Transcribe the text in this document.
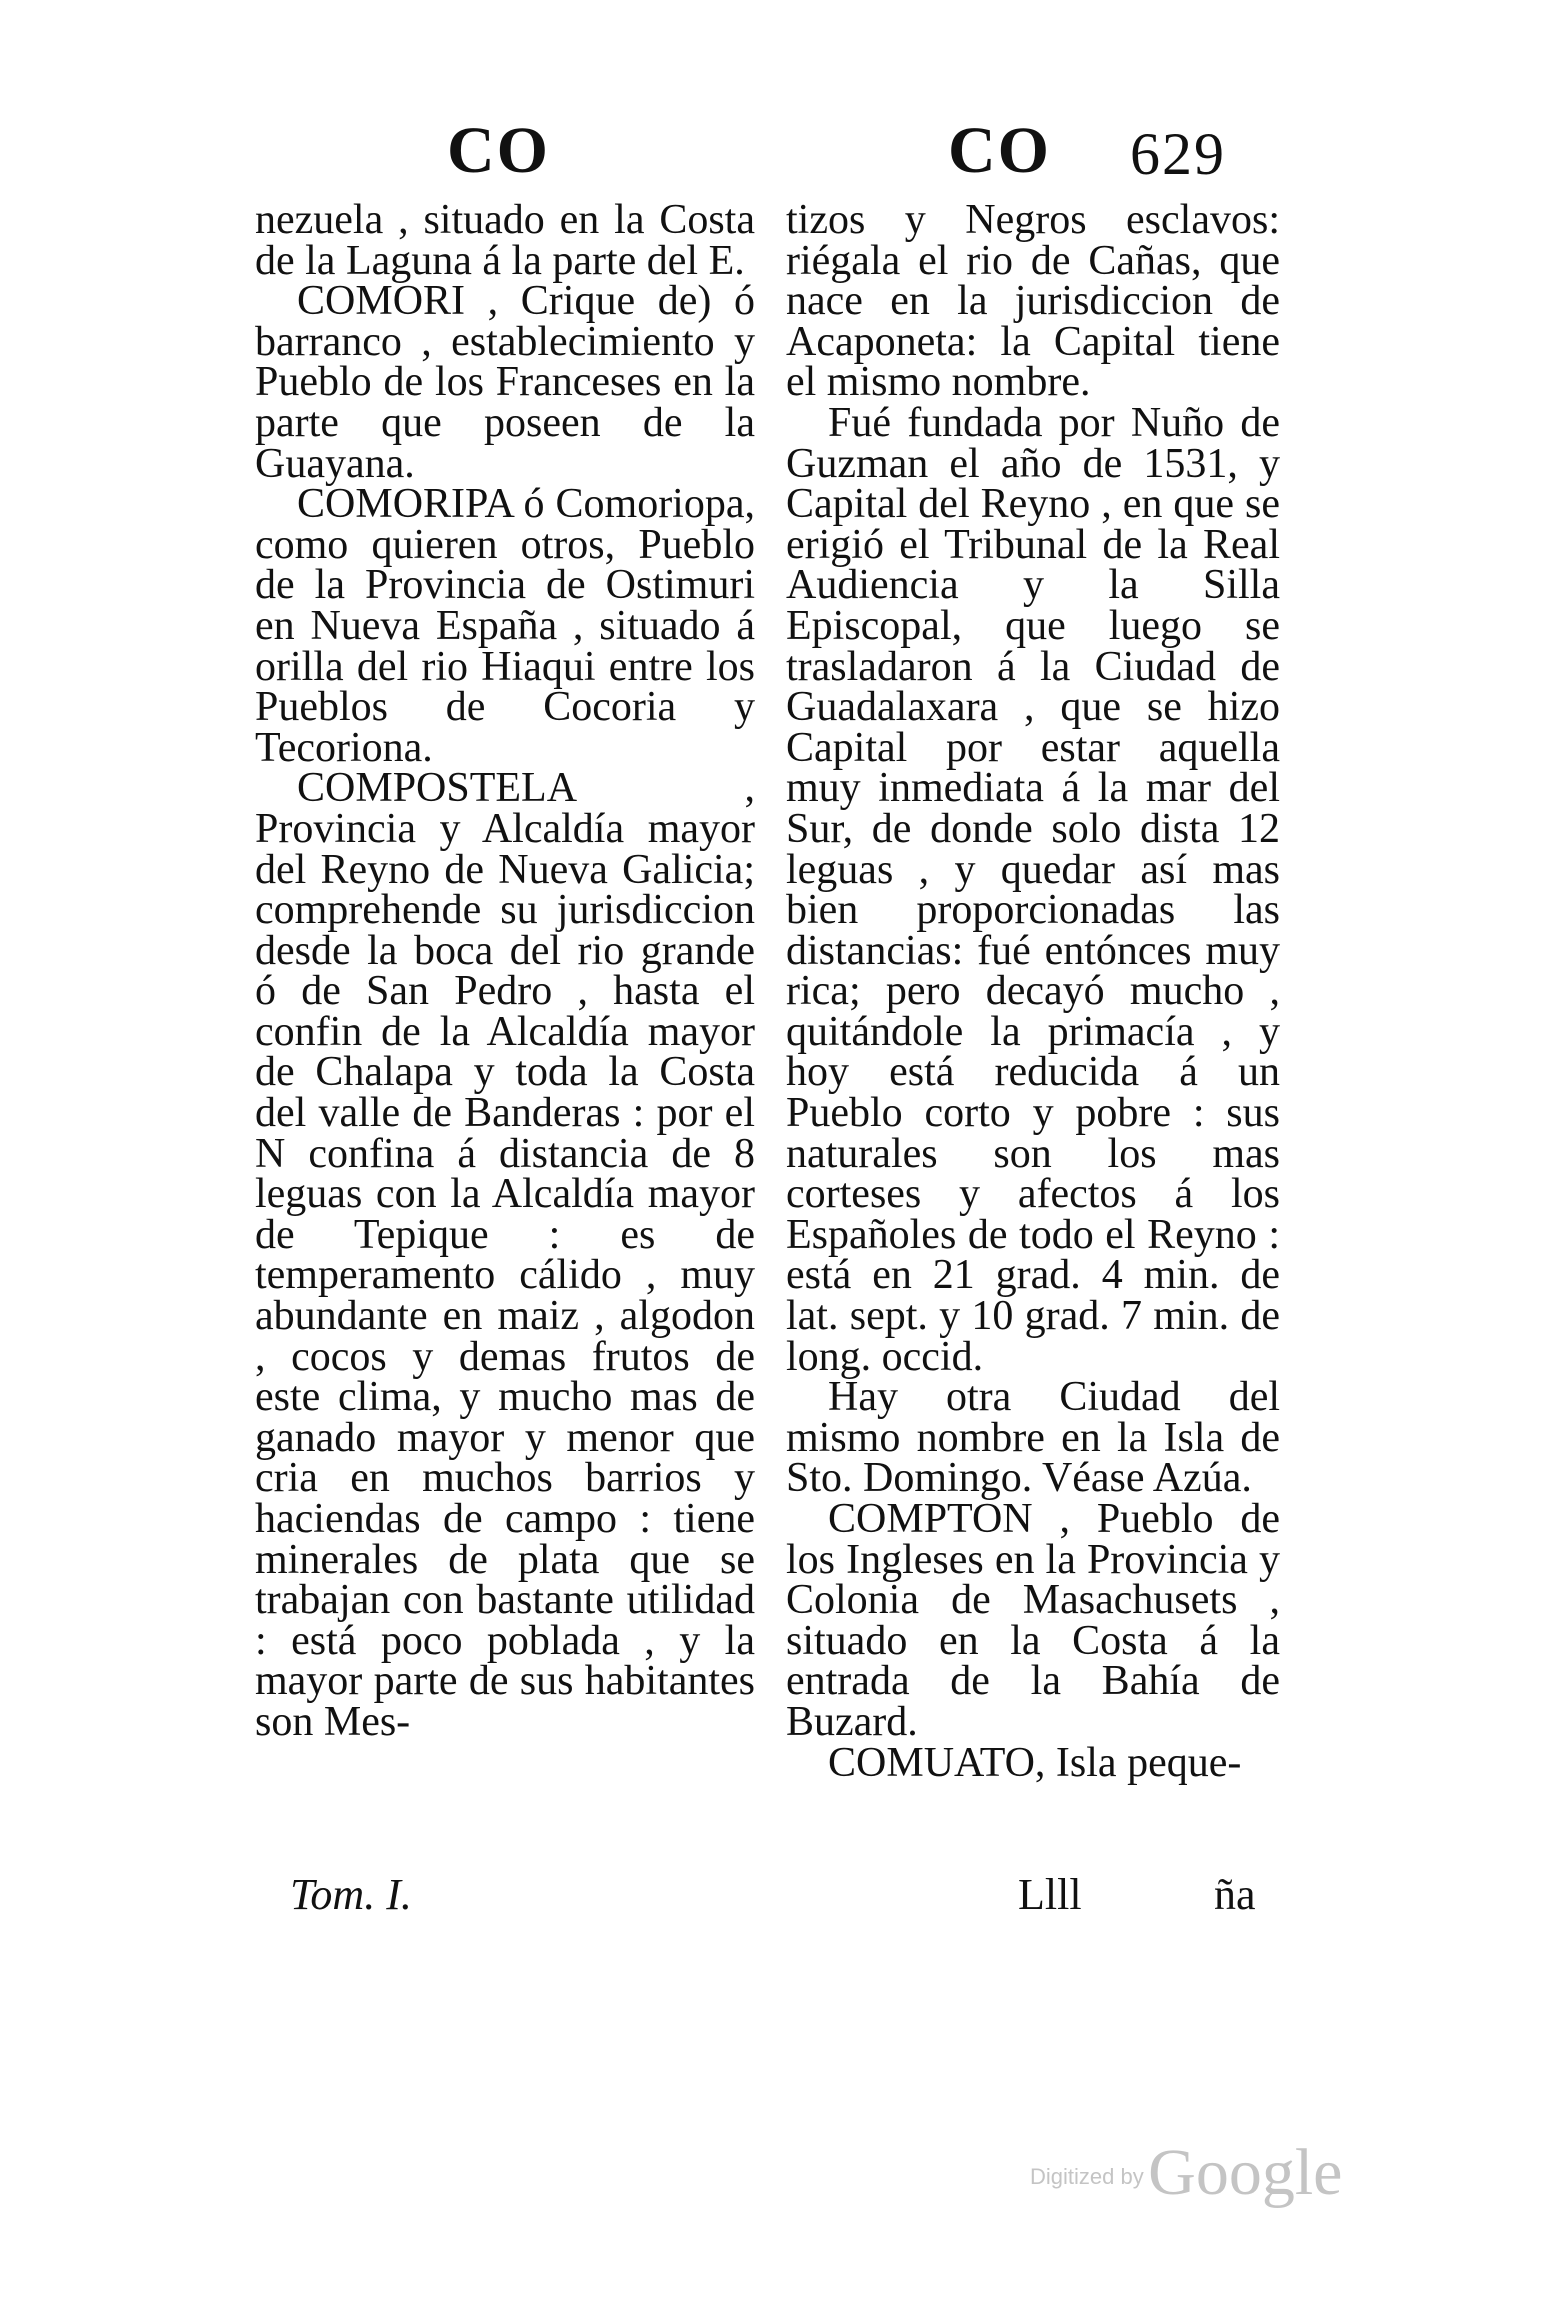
CO	CO 629

nezuela , situado en la Costa de la Laguna á la parte del E.

COMORI , Crique de) ó barranco , establecimiento y Pueblo de los Franceses en la parte que poseen de la Guayana.

COMORIPA ó Comoriopa, como quieren otros, Pueblo de la Provincia de Ostimuri en Nueva España , situado á orilla del rio Hiaqui entre los Pueblos de Cocoria y Tecoriona.

COMPOSTELA , Provincia y Alcaldía mayor del Reyno de Nueva Galicia; comprehende su jurisdiccion desde la boca del rio grande ó de San Pedro , hasta el confin de la Alcaldía mayor de Chalapa y toda la Costa del valle de Banderas : por el N confina á distancia de 8 leguas con la Alcaldía mayor de Tepique : es de temperamento cálido , muy abundante en maiz , algodon , cocos y demas frutos de este clima, y mucho mas de ganado mayor y menor que cria en muchos barrios y haciendas de campo : tiene minerales de plata que se trabajan con bastante utilidad : está poco poblada , y la mayor parte de sus habitantes son Mes-

tizos y Negros esclavos: riégala el rio de Cañas, que nace en la jurisdiccion de Acaponeta: la Capital tiene el mismo nombre.

Fué fundada por Nuño de Guzman el año de 1531, y Capital del Reyno , en que se erigió el Tribunal de la Real Audiencia y la Silla Episcopal, que luego se trasladaron á la Ciudad de Guadalaxara , que se hizo Capital por estar aquella muy inmediata á la mar del Sur, de donde solo dista 12 leguas , y quedar así mas bien proporcionadas las distancias: fué entónces muy rica; pero decayó mucho , quitándole la primacía , y hoy está reducida á un Pueblo corto y pobre : sus naturales son los mas corteses y afectos á los Españoles de todo el Reyno : está en 21 grad. 4 min. de lat. sept. y 10 grad. 7 min. de long. occid.

Hay otra Ciudad del mismo nombre en la Isla de Sto. Domingo. Véase Azúa.

COMPTON , Pueblo de los Ingleses en la Provincia y Colonia de Masachusets , situado en la Costa á la entrada de la Bahía de Buzard.

COMUATO, Isla peque-

Tom. I.	Llll	ña
Digitized by Google
